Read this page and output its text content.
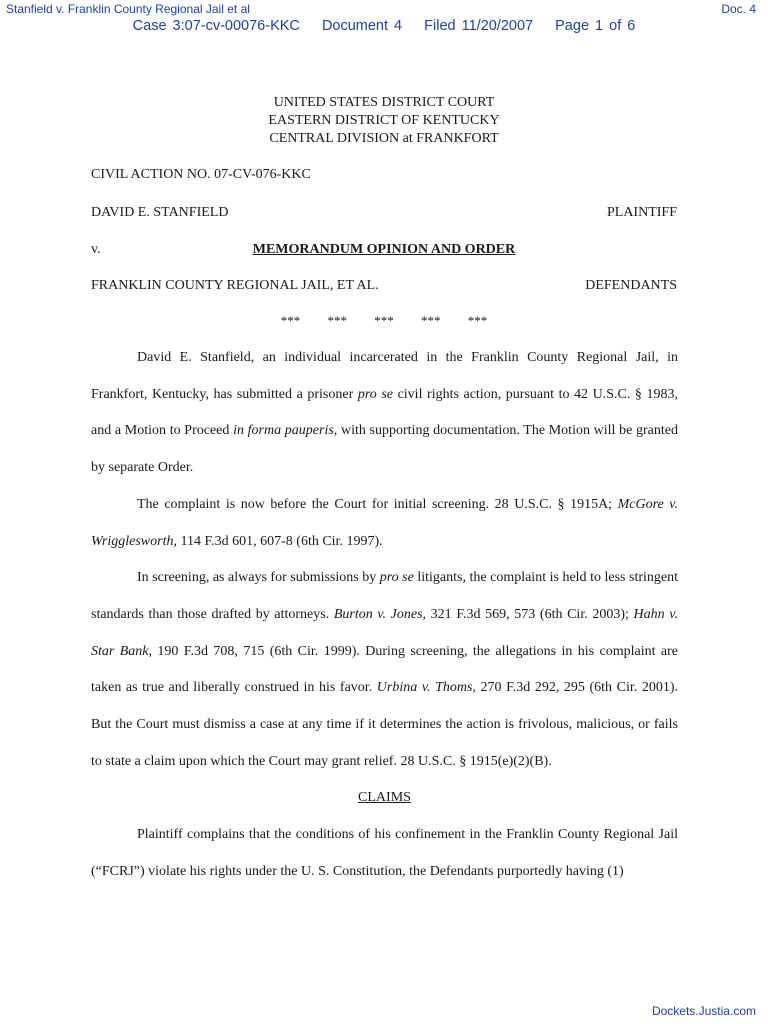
Stanfield v. Franklin County Regional Jail et al	Doc. 4
Case 3:07-cv-00076-KKC Document 4 Filed 11/20/2007 Page 1 of 6
UNITED STATES DISTRICT COURT
EASTERN DISTRICT OF KENTUCKY
CENTRAL DIVISION at FRANKFORT
CIVIL ACTION NO. 07-CV-076-KKC
DAVID E. STANFIELD	PLAINTIFF
v.	MEMORANDUM OPINION AND ORDER
FRANKLIN COUNTY REGIONAL JAIL, ET AL.	DEFENDANTS
*** *** *** *** ***

David E. Stanfield, an individual incarcerated in the Franklin County Regional Jail, in Frankfort, Kentucky, has submitted a prisoner pro se civil rights action, pursuant to 42 U.S.C. § 1983, and a Motion to Proceed in forma pauperis, with supporting documentation. The Motion will be granted by separate Order.

The complaint is now before the Court for initial screening. 28 U.S.C. § 1915A; McGore v. Wrigglesworth, 114 F.3d 601, 607-8 (6th Cir. 1997).

In screening, as always for submissions by pro se litigants, the complaint is held to less stringent standards than those drafted by attorneys. Burton v. Jones, 321 F.3d 569, 573 (6th Cir. 2003); Hahn v. Star Bank, 190 F.3d 708, 715 (6th Cir. 1999). During screening, the allegations in his complaint are taken as true and liberally construed in his favor. Urbina v. Thoms, 270 F.3d 292, 295 (6th Cir. 2001). But the Court must dismiss a case at any time if it determines the action is frivolous, malicious, or fails to state a claim upon which the Court may grant relief. 28 U.S.C. § 1915(e)(2)(B).

CLAIMS

Plaintiff complains that the conditions of his confinement in the Franklin County Regional Jail (“FCRJ”) violate his rights under the U. S. Constitution, the Defendants purportedly having (1)

Dockets.Justia.com
